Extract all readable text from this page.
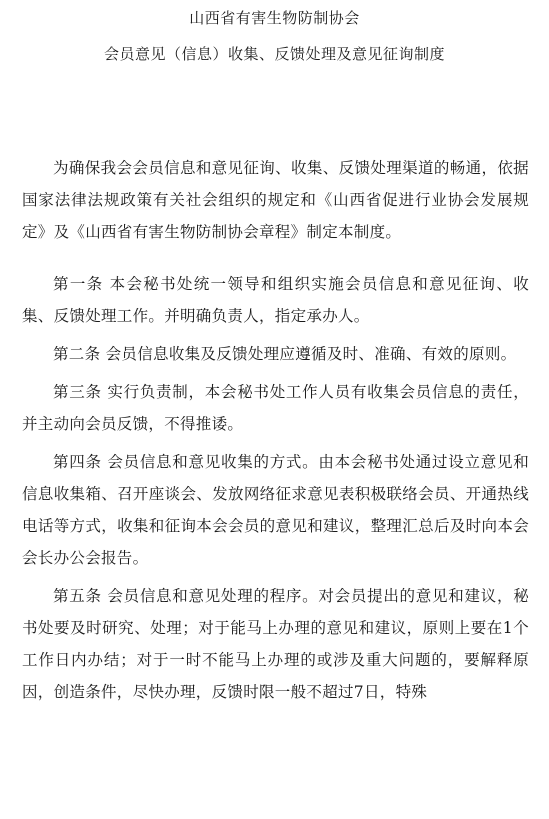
山西省有害生物防制协会
会员意见（信息）收集、反馈处理及意见征询制度

为确保我会会员信息和意见征询、收集、反馈处理渠道的畅通，依据国家法律法规政策有关社会组织的规定和《山西省促进行业协会发展规定》及《山西省有害生物防制协会章程》制定本制度。

第一条 本会秘书处统一领导和组织实施会员信息和意见征询、收集、反馈处理工作。并明确负责人，指定承办人。

第二条 会员信息收集及反馈处理应遵循及时、准确、有效的原则。

第三条 实行负责制，本会秘书处工作人员有收集会员信息的责任，并主动向会员反馈，不得推诿。

第四条 会员信息和意见收集的方式。由本会秘书处通过设立意见和信息收集箱、召开座谈会、发放网络征求意见表积极联络会员、开通热线电话等方式，收集和征询本会会员的意见和建议，整理汇总后及时向本会会长办公会报告。

第五条 会员信息和意见处理的程序。对会员提出的意见和建议，秘书处要及时研究、处理；对于能马上办理的意见和建议，原则上要在1个工作日内办结；对于一时不能马上办理的或涉及重大问题的，要解释原因，创造条件，尽快办理，反馈时限一般不超过7日，特殊
